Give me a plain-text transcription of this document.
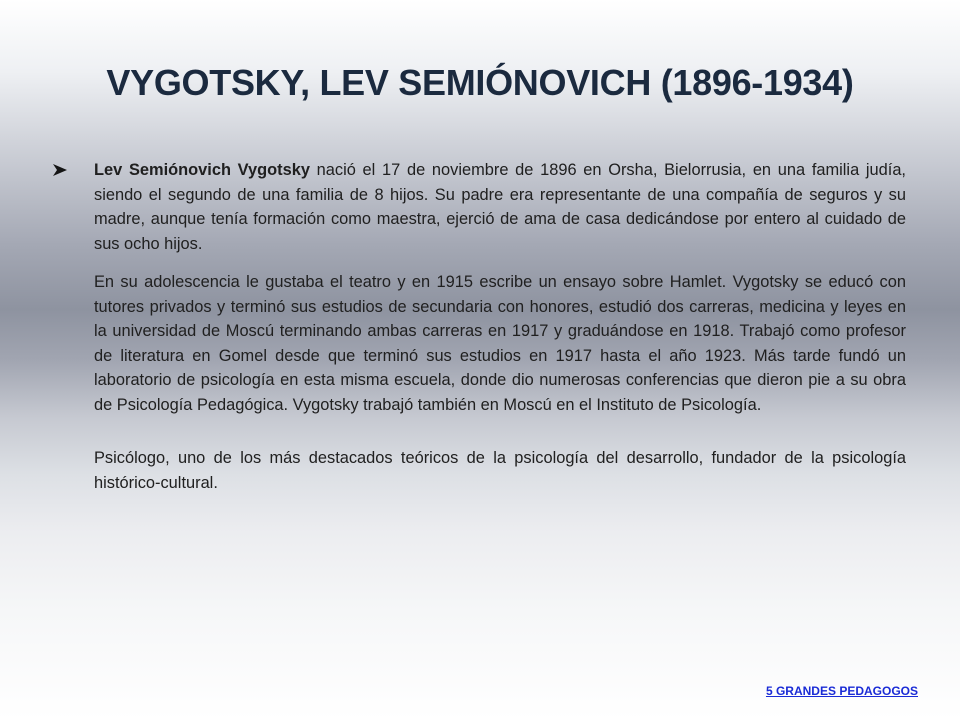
VYGOTSKY, LEV SEMIÓNOVICH (1896-1934)
Lev Semiónovich Vygotsky nació el 17 de noviembre de 1896 en Orsha, Bielorrusia, en una familia judía, siendo el segundo de una familia de 8 hijos. Su padre era representante de una compañía de seguros y su madre, aunque tenía formación como maestra, ejerció de ama de casa dedicándose por entero al cuidado de sus ocho hijos.
En su adolescencia le gustaba el teatro y en 1915 escribe un ensayo sobre Hamlet. Vygotsky se educó con tutores privados y terminó sus estudios de secundaria con honores, estudió dos carreras, medicina y leyes en la universidad de Moscú terminando ambas carreras en 1917 y graduándose en 1918. Trabajó como profesor de literatura en Gomel desde que terminó sus estudios en 1917 hasta el año 1923. Más tarde fundó un laboratorio de psicología en esta misma escuela, donde dio numerosas conferencias que dieron pie a su obra de Psicología Pedagógica. Vygotsky trabajó también en Moscú en el Instituto de Psicología.
Psicólogo, uno de los más destacados teóricos de la psicología del desarrollo, fundador de la psicología histórico-cultural.
5 GRANDES PEDAGOGOS
